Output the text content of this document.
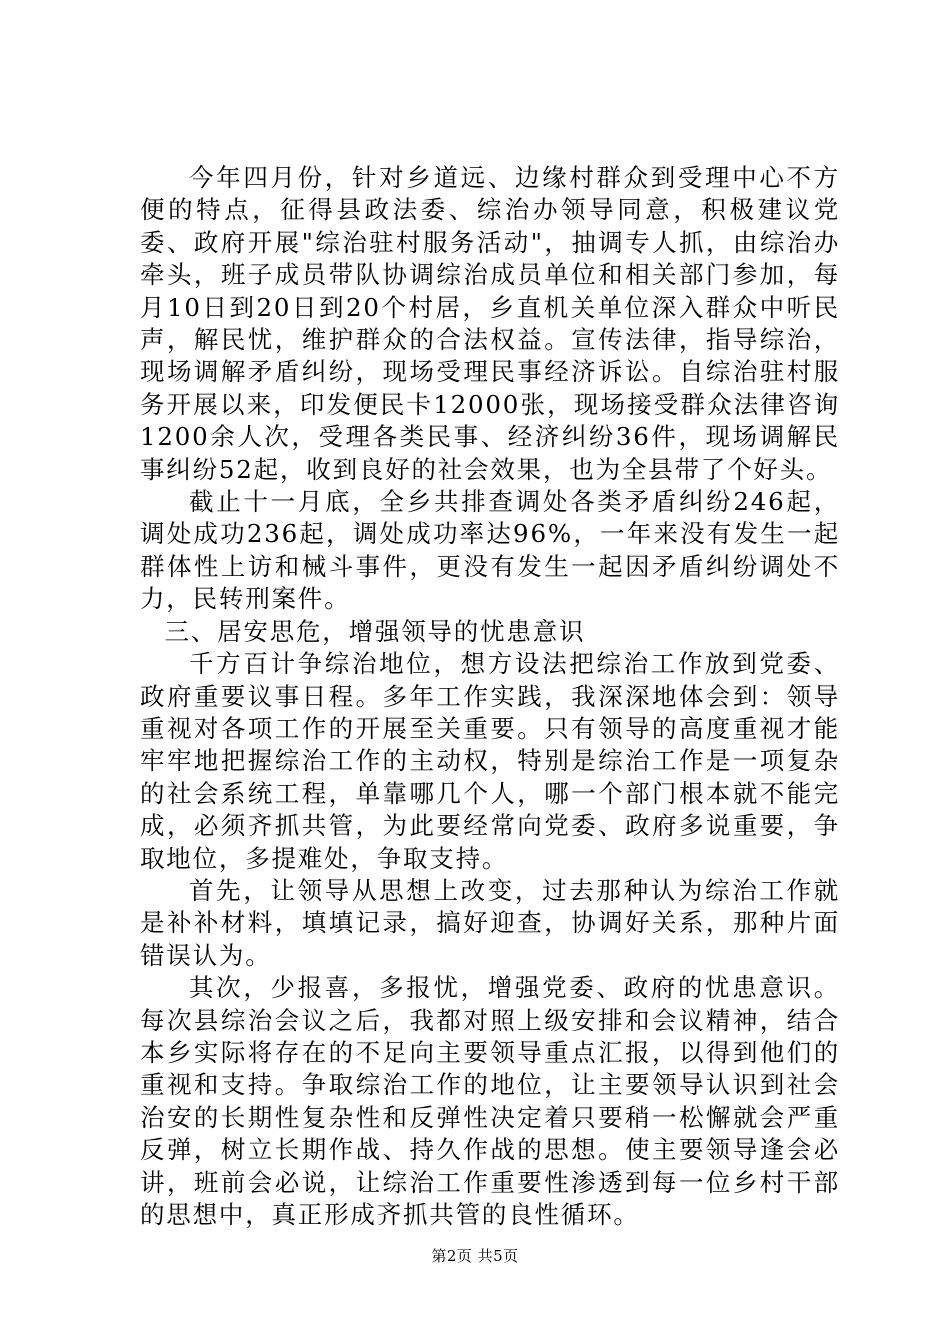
今年四月份，针对乡道远、边缘村群众到受理中心不方便的特点，征得县政法委、综治办领导同意，积极建议党委、政府开展"综治驻村服务活动"，抽调专人抓，由综治办牵头，班子成员带队协调综治成员单位和相关部门参加，每月10日到20日到20个村居，乡直机关单位深入群众中听民声，解民忧，维护群众的合法权益。宣传法律，指导综治，现场调解矛盾纠纷，现场受理民事经济诉讼。自综治驻村服务开展以来，印发便民卡12000张，现场接受群众法律咨询1200余人次，受理各类民事、经济纠纷36件，现场调解民事纠纷52起，收到良好的社会效果，也为全县带了个好头。

截止十一月底，全乡共排查调处各类矛盾纠纷246起，调处成功236起，调处成功率达96%，一年来没有发生一起群体性上访和械斗事件，更没有发生一起因矛盾纠纷调处不力，民转刑案件。

三、居安思危，增强领导的忧患意识

千方百计争综治地位，想方设法把综治工作放到党委、政府重要议事日程。多年工作实践，我深深地体会到：领导重视对各项工作的开展至关重要。只有领导的高度重视才能牢牢地把握综治工作的主动权，特别是综治工作是一项复杂的社会系统工程，单靠哪几个人，哪一个部门根本就不能完成，必须齐抓共管，为此要经常向党委、政府多说重要，争取地位，多提难处，争取支持。

首先，让领导从思想上改变，过去那种认为综治工作就是补补材料，填填记录，搞好迎查，协调好关系，那种片面错误认为。

其次，少报喜，多报忧，增强党委、政府的忧患意识。每次县综治会议之后，我都对照上级安排和会议精神，结合本乡实际将存在的不足向主要领导重点汇报，以得到他们的重视和支持。争取综治工作的地位，让主要领导认识到社会治安的长期性复杂性和反弹性决定着只要稍一松懈就会严重反弹，树立长期作战、持久作战的思想。使主要领导逢会必讲，班前会必说，让综治工作重要性渗透到每一位乡村干部的思想中，真正形成齐抓共管的良性循环。

第2页 共5页
